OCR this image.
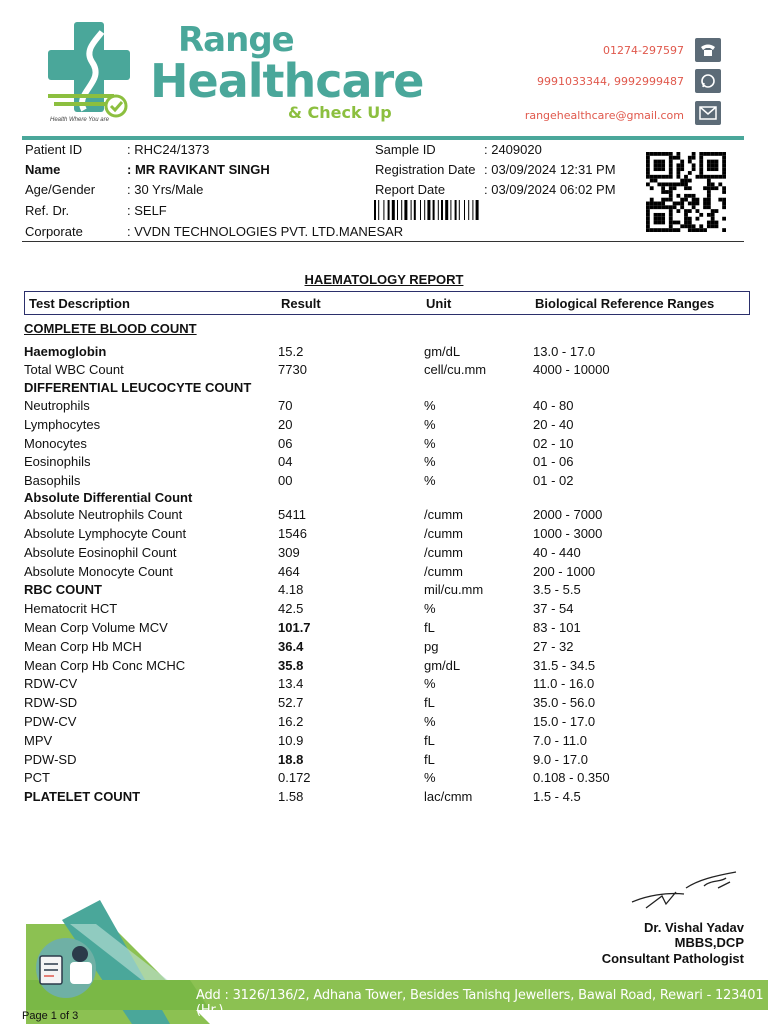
Health Where You are
Range
Healthcare
& Check Up
01274-297597
9991033344, 9992999487
rangehealthcare@gmail.com
Patient ID	: RHC24/1373
Name	: MR RAVIKANT SINGH
Age/Gender : 30 Yrs/Male
Ref. Dr.	: SELF
Corporate	: VVDN TECHNOLOGIES PVT. LTD.MANESAR
Sample ID	: 2409020
Registration Date : 03/09/2024 12:31 PM
Report Date	: 03/09/2024 06:02 PM
HAEMATOLOGY REPORT
Test Description	Result	Unit	Biological Reference Ranges
COMPLETE BLOOD COUNT
Haemoglobin	15.2	gm/dL	13.0 - 17.0
Total WBC Count	7730	cell/cu.mm	4000 - 10000
DIFFERENTIAL LEUCOCYTE COUNT
Neutrophils	70	%	40 - 80
Lymphocytes	20	%	20 - 40
Monocytes	06	%	02 - 10
Eosinophils	04	%	01 - 06
Basophils	00	%	01 - 02
Absolute Differential Count
Absolute Neutrophils Count	5411	/cumm	2000 - 7000
Absolute Lymphocyte Count	1546	/cumm	1000 - 3000
Absolute Eosinophil Count	309	/cumm	40 - 440
Absolute Monocyte Count	464	/cumm	200 - 1000
RBC COUNT	4.18	mil/cu.mm	3.5 - 5.5
Hematocrit HCT	42.5	%	37 - 54
Mean Corp Volume MCV	101.7	fL	83 - 101
Mean Corp Hb MCH	36.4	pg	27 - 32
Mean Corp Hb Conc MCHC	35.8	gm/dL	31.5 - 34.5
RDW-CV	13.4	%	11.0 - 16.0
RDW-SD	52.7	fL	35.0 - 56.0
PDW-CV	16.2	%	15.0 - 17.0
MPV	10.9	fL	7.0 - 11.0
PDW-SD	18.8	fL	9.0 - 17.0
PCT	0.172	%	0.108 - 0.350
PLATELET COUNT	1.58	lac/cmm	1.5 - 4.5
Add : 3126/136/2, Adhana Tower, Besides Tanishq Jewellers, Bawal Road, Rewari - 123401 (Hr.)
Page 1 of 3
Dr. Vishal Yadav
MBBS,DCP
Consultant Pathologist
